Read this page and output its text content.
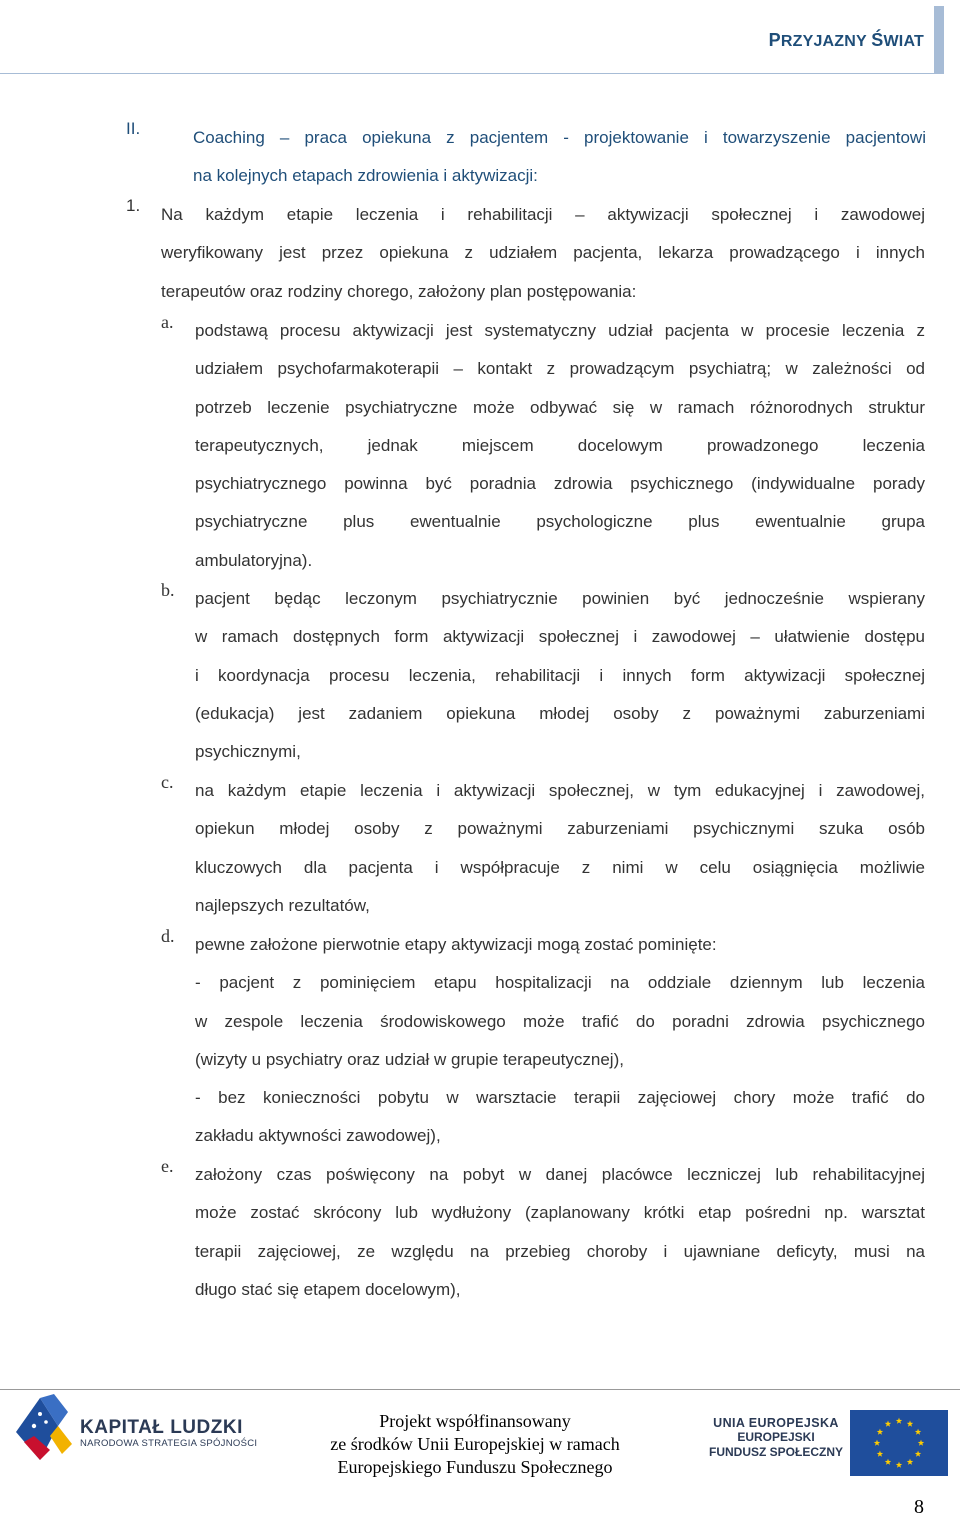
PRZYJAZNY ŚWIAT
II.	Coaching – praca opiekuna z pacjentem - projektowanie i towarzyszenie pacjentowi
na kolejnych etapach zdrowienia i aktywizacji:
1. Na każdym etapie leczenia i rehabilitacji – aktywizacji społecznej i zawodowej
weryfikowany jest przez opiekuna z udziałem pacjenta, lekarza prowadzącego i innych
terapeutów oraz rodziny chorego, założony plan postępowania:
a. podstawą procesu aktywizacji jest systematyczny udział pacjenta w procesie leczenia z
udziałem psychofarmakoterapii – kontakt z prowadzącym psychiatrą; w zależności od
potrzeb leczenie psychiatryczne może odbywać się w ramach różnorodnych struktur
terapeutycznych, jednak miejscem docelowym prowadzonego leczenia
psychiatrycznego powinna być poradnia zdrowia psychicznego (indywidualne porady
psychiatryczne plus ewentualnie psychologiczne plus ewentualnie grupa
ambulatoryjna).
b. pacjent będąc leczonym psychiatrycznie powinien być jednocześnie wspierany
w ramach dostępnych form aktywizacji społecznej i zawodowej – ułatwienie dostępu
i koordynacja procesu leczenia, rehabilitacji i innych form aktywizacji społecznej
(edukacja) jest zadaniem opiekuna młodej osoby z poważnymi zaburzeniami
psychicznymi,
c. na każdym etapie leczenia i aktywizacji społecznej, w tym edukacyjnej i zawodowej,
opiekun młodej osoby z poważnymi zaburzeniami psychicznymi szuka osób
kluczowych dla pacjenta i współpracuje z nimi w celu osiągnięcia możliwie
najlepszych rezultatów,
d. pewne założone pierwotnie etapy aktywizacji mogą zostać pominięte:
- pacjent z pominięciem etapu hospitalizacji na oddziale dziennym lub leczenia
w zespole leczenia środowiskowego może trafić do poradni zdrowia psychicznego
(wizyty u psychiatry oraz udział w grupie terapeutycznej),
- bez konieczności pobytu w warsztacie terapii zajęciowej chory może trafić do
zakładu aktywności zawodowej),
e. założony czas poświęcony na pobyt w danej placówce leczniczej lub rehabilitacyjnej
może zostać skrócony lub wydłużony (zaplanowany krótki etap pośredni np. warsztat
terapii zajęciowej, ze względu na przebieg choroby i ujawniane deficyty, musi na
długo stać się etapem docelowym),
KAPITAŁ LUDZKI
NARODOWA STRATEGIA SPÓJNOŚCI
Projekt współfinansowany
ze środków Unii Europejskiej w ramach
Europejskiego Funduszu Społecznego
UNIA EUROPEJSKA
EUROPEJSKI
FUNDUSZ SPOŁECZNY
8
